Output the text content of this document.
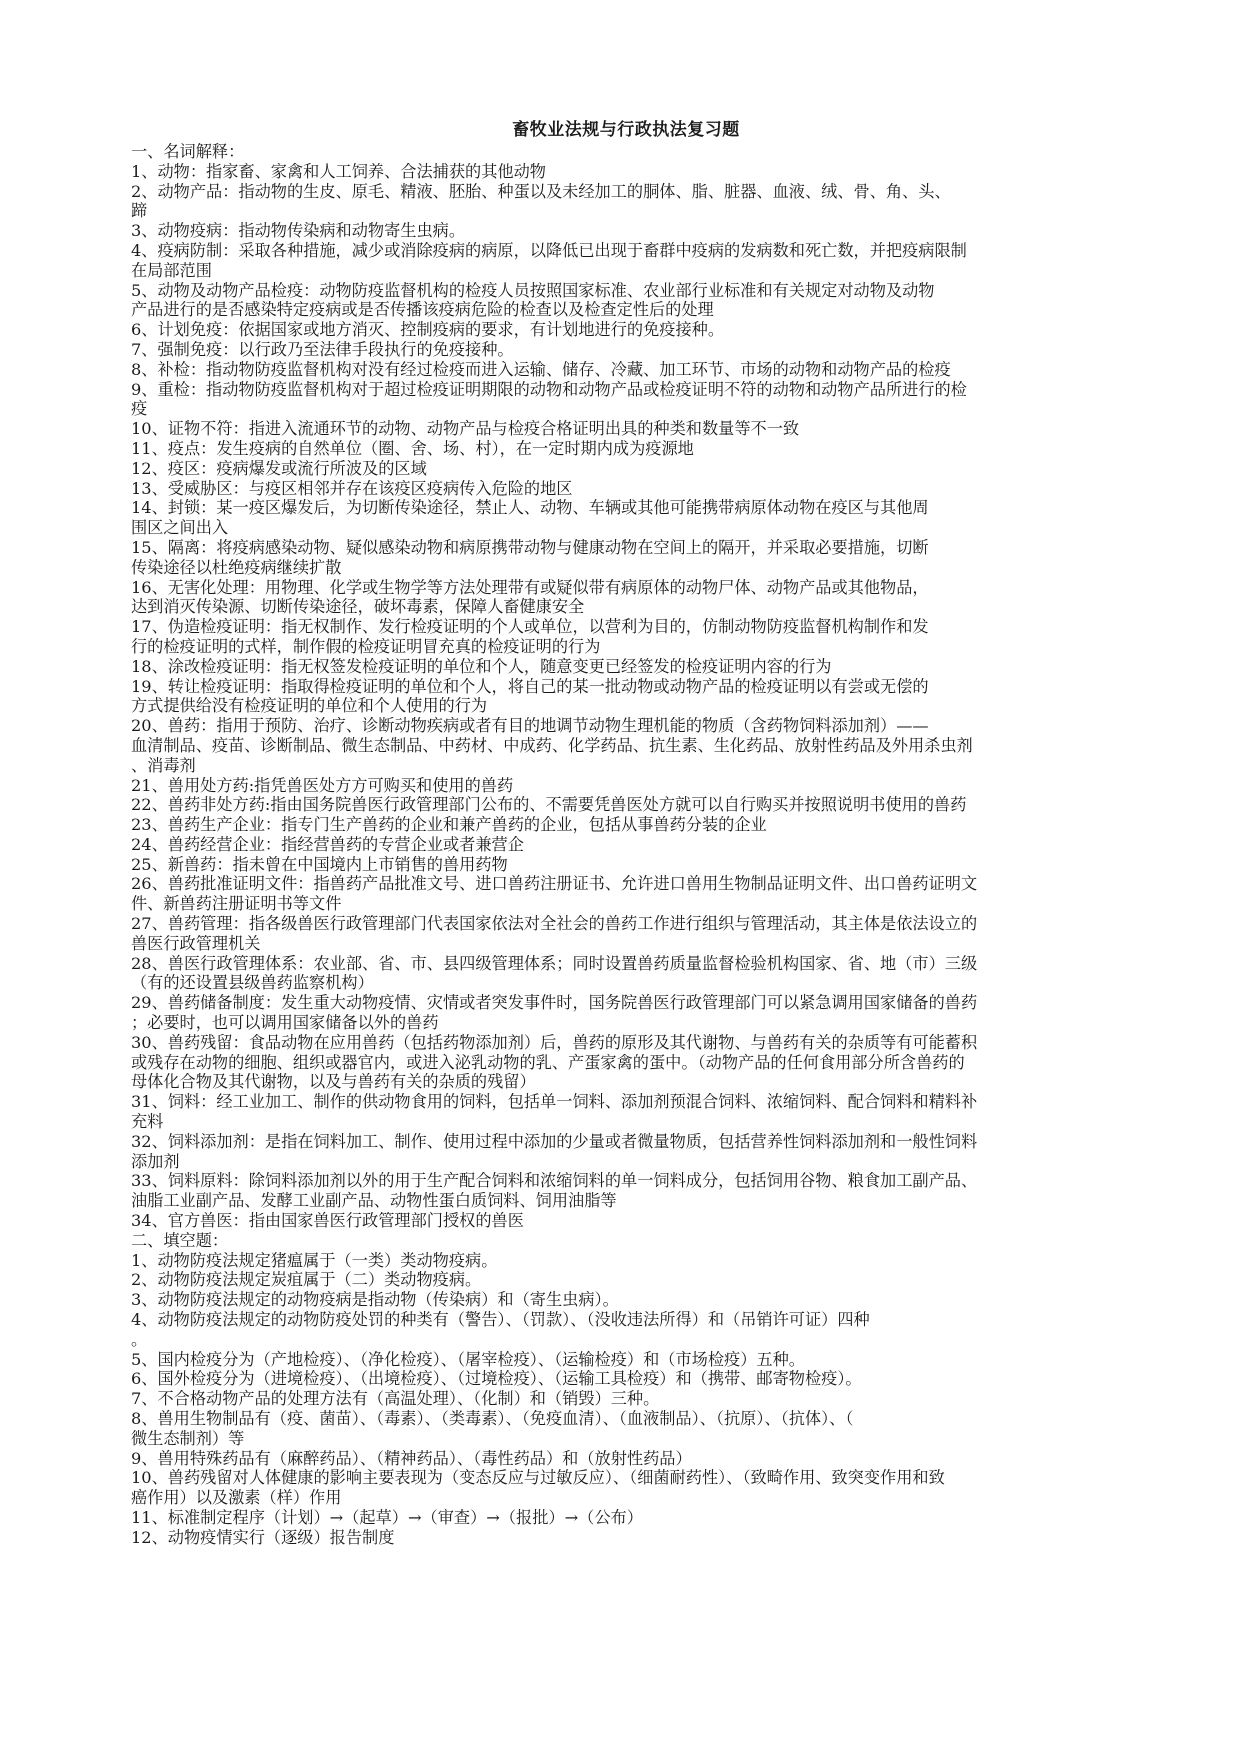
畜牧业法规与行政执法复习题

一、名词解释：

1、动物：指家畜、家禽和人工饲养、合法捕获的其他动物

2、动物产品：指动物的生皮、原毛、精液、胚胎、种蛋以及未经加工的胴体、脂、脏器、血液、绒、骨、角、头、

蹄

3、动物疫病：指动物传染病和动物寄生虫病。

4、疫病防制：采取各种措施，减少或消除疫病的病原，以降低已出现于畜群中疫病的发病数和死亡数，并把疫病限制

在局部范围

5、动物及动物产品检疫：动物防疫监督机构的检疫人员按照国家标准、农业部行业标准和有关规定对动物及动物

产品进行的是否感染特定疫病或是否传播该疫病危险的检查以及检查定性后的处理

6、计划免疫：依据国家或地方消灭、控制疫病的要求，有计划地进行的免疫接种。

7、强制免疫：以行政乃至法律手段执行的免疫接种。

8、补检：指动物防疫监督机构对没有经过检疫而进入运输、储存、冷藏、加工环节、市场的动物和动物产品的检疫

9、重检：指动物防疫监督机构对于超过检疫证明期限的动物和动物产品或检疫证明不符的动物和动物产品所进行的检

疫

10、证物不符：指进入流通环节的动物、动物产品与检疫合格证明出具的种类和数量等不一致

11、疫点：发生疫病的自然单位（圈、舍、场、村），在一定时期内成为疫源地

12、疫区：疫病爆发或流行所波及的区域

13、受威胁区：与疫区相邻并存在该疫区疫病传入危险的地区

14、封锁：某一疫区爆发后，为切断传染途径，禁止人、动物、车辆或其他可能携带病原体动物在疫区与其他周

围区之间出入

15、隔离：将疫病感染动物、疑似感染动物和病原携带动物与健康动物在空间上的隔开，并采取必要措施，切断

传染途径以杜绝疫病继续扩散

16、无害化处理：用物理、化学或生物学等方法处理带有或疑似带有病原体的动物尸体、动物产品或其他物品，

达到消灭传染源、切断传染途径，破坏毒素，保障人畜健康安全

17、伪造检疫证明：指无权制作、发行检疫证明的个人或单位，以营利为目的，仿制动物防疫监督机构制作和发

行的检疫证明的式样，制作假的检疫证明冒充真的检疫证明的行为

18、涂改检疫证明：指无权签发检疫证明的单位和个人，随意变更已经签发的检疫证明内容的行为

19、转让检疫证明：指取得检疫证明的单位和个人，将自己的某一批动物或动物产品的检疫证明以有尝或无偿的

方式提供给没有检疫证明的单位和个人使用的行为

20、兽药：指用于预防、治疗、诊断动物疾病或者有目的地调节动物生理机能的物质（含药物饲料添加剂）——

血清制品、疫苗、诊断制品、微生态制品、中药材、中成药、化学药品、抗生素、生化药品、放射性药品及外用杀虫剂

、消毒剂

21、兽用处方药:指凭兽医处方方可购买和使用的兽药

22、兽药非处方药:指由国务院兽医行政管理部门公布的、不需要凭兽医处方就可以自行购买并按照说明书使用的兽药

23、兽药生产企业：指专门生产兽药的企业和兼产兽药的企业，包括从事兽药分装的企业

24、兽药经营企业：指经营兽药的专营企业或者兼营企

25、新兽药：指未曾在中国境内上市销售的兽用药物

26、兽药批准证明文件：指兽药产品批准文号、进口兽药注册证书、允许进口兽用生物制品证明文件、出口兽药证明文

件、新兽药注册证明书等文件

27、兽药管理：指各级兽医行政管理部门代表国家依法对全社会的兽药工作进行组织与管理活动，其主体是依法设立的

兽医行政管理机关

28、兽医行政管理体系：农业部、省、市、县四级管理体系；同时设置兽药质量监督检验机构国家、省、地（市）三级

（有的还设置县级兽药监察机构）

29、兽药储备制度：发生重大动物疫情、灾情或者突发事件时，国务院兽医行政管理部门可以紧急调用国家储备的兽药

；必要时，也可以调用国家储备以外的兽药

30、兽药残留：食品动物在应用兽药（包括药物添加剂）后，兽药的原形及其代谢物、与兽药有关的杂质等有可能蓄积

或残存在动物的细胞、组织或器官内，或进入泌乳动物的乳、产蛋家禽的蛋中。（动物产品的任何食用部分所含兽药的

母体化合物及其代谢物，以及与兽药有关的杂质的残留）

31、饲料：经工业加工、制作的供动物食用的饲料，包括单一饲料、添加剂预混合饲料、浓缩饲料、配合饲料和精料补

充料

32、饲料添加剂：是指在饲料加工、制作、使用过程中添加的少量或者微量物质，包括营养性饲料添加剂和一般性饲料

添加剂

33、饲料原料：除饲料添加剂以外的用于生产配合饲料和浓缩饲料的单一饲料成分，包括饲用谷物、粮食加工副产品、

油脂工业副产品、发酵工业副产品、动物性蛋白质饲料、饲用油脂等

34、官方兽医：指由国家兽医行政管理部门授权的兽医

二、填空题：

1、动物防疫法规定猪瘟属于（一类）类动物疫病。

2、动物防疫法规定炭疽属于（二）类动物疫病。

3、动物防疫法规定的动物疫病是指动物（传染病）和（寄生虫病）。

4、动物防疫法规定的动物防疫处罚的种类有（警告）、（罚款）、（没收违法所得）和（吊销许可证）四种

。

5、国内检疫分为（产地检疫）、（净化检疫）、（屠宰检疫）、（运输检疫）和（市场检疫）五种。

6、国外检疫分为（进境检疫）、（出境检疫）、（过境检疫）、（运输工具检疫）和（携带、邮寄物检疫）。

7、不合格动物产品的处理方法有（高温处理）、（化制）和（销毁）三种。

8、兽用生物制品有（疫、菌苗）、（毒素）、（类毒素）、（免疫血清）、（血液制品）、（抗原）、（抗体）、（

微生态制剂）等

9、兽用特殊药品有（麻醉药品）、（精神药品）、（毒性药品）和（放射性药品）

10、兽药残留对人体健康的影响主要表现为（变态反应与过敏反应）、（细菌耐药性）、（致畸作用、致突变作用和致

癌作用）以及激素（样）作用

11、标准制定程序（计划）→（起草）→（审查）→（报批）→（公布）

12、动物疫情实行（逐级）报告制度
